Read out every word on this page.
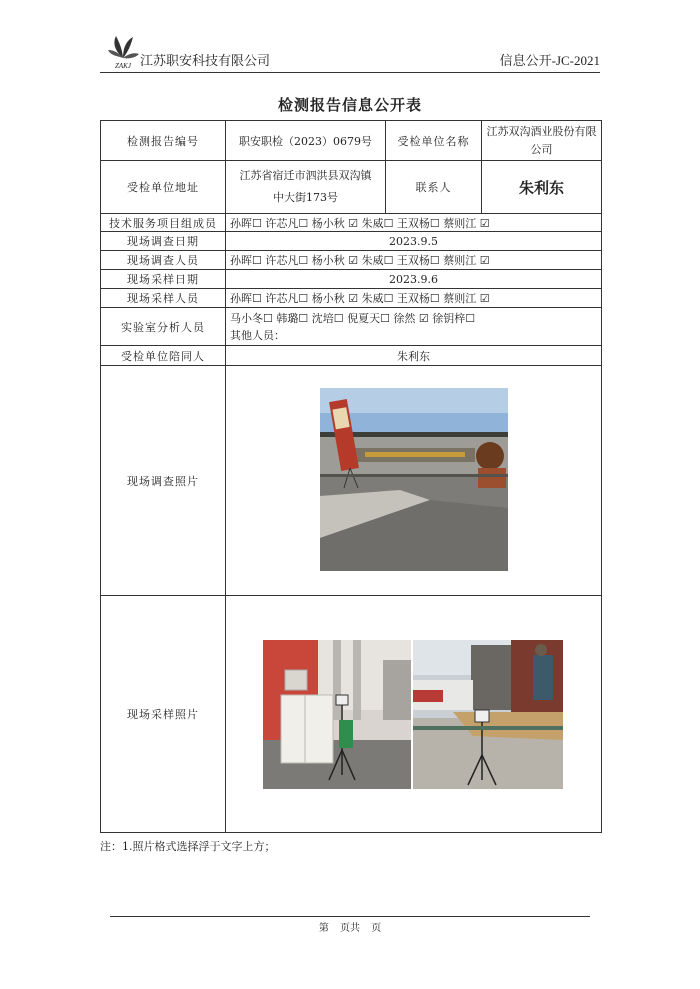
ZAKJ 江苏职安科技有限公司	信息公开-JC-2021
检测报告信息公开表
检测报告编号	职安职检（2023）0679号	受检单位名称	江苏双沟酒业股份有限公司
受检单位地址	江苏省宿迁市泗洪县双沟镇中大街173号	联系人	朱利东
技术服务项目组成员	孙晖☐ 许芯凡☐ 杨小秋 ☑ 朱威☐ 王双杨☐ 蔡则江 ☑		
现场调查日期	2023.9.5		
现场调查人员	孙晖☐ 许芯凡☐ 杨小秋 ☑ 朱威☐ 王双杨☐ 蔡则江 ☑		
现场采样日期	2023.9.6		
现场采样人员	孙晖☐ 许芯凡☐ 杨小秋 ☑ 朱威☐ 王双杨☐ 蔡则江 ☑		
实验室分析人员	马小冬☐ 韩璐☐ 沈培☐ 倪夏天☐ 徐然 ☑ 徐钥梓☐
其他人员：		

受检单位陪同人	朱利东		
现场调查照片	

现场采样照片	
注：1.照片格式选择浮于文字上方；
第 页共 页
